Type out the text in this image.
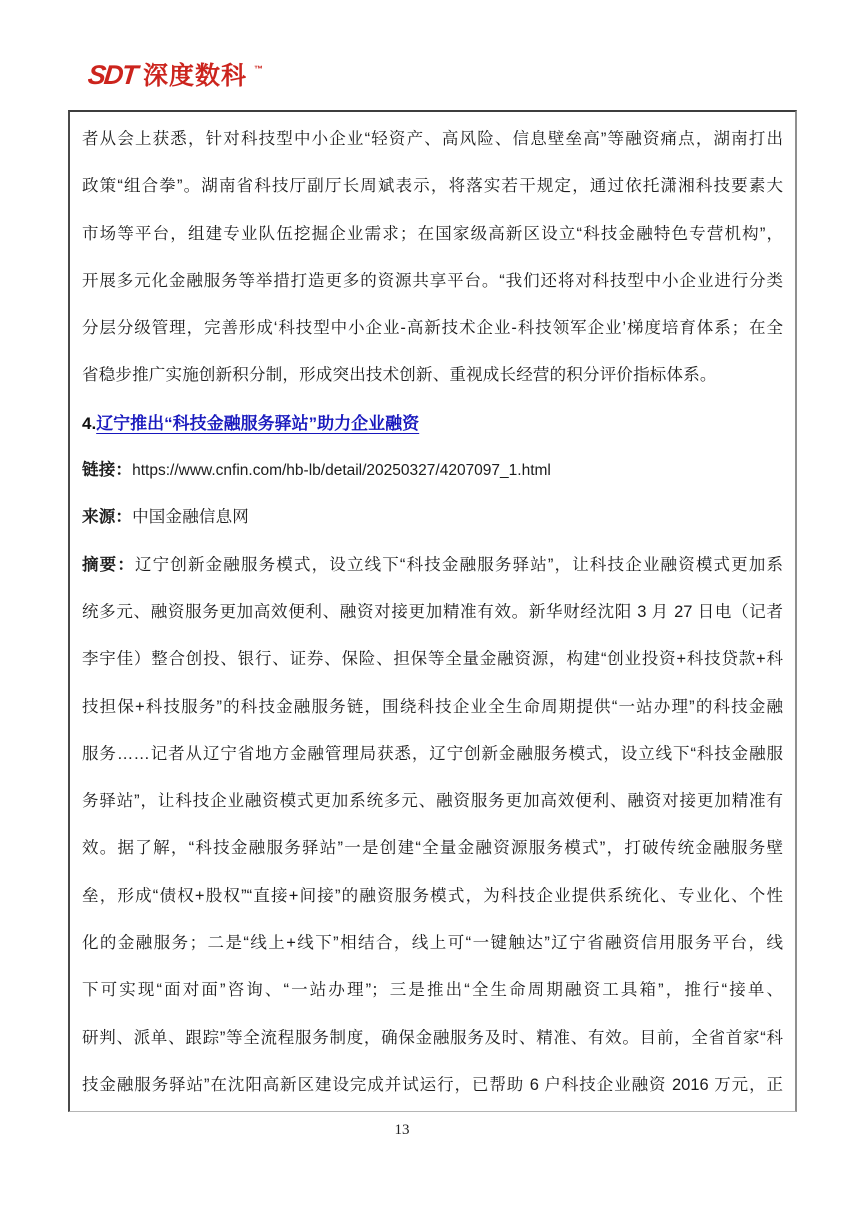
SDT 深度数科 ™
者从会上获悉，针对科技型中小企业“轻资产、高风险、信息壁垒高”等融资痛点，湖南打出
政策“组合拳”。湖南省科技厅副厅长周斌表示，将落实若干规定，通过依托潇湘科技要素大
市场等平台，组建专业队伍挖掘企业需求；在国家级高新区设立“科技金融特色专营机构”，
开展多元化金融服务等举措打造更多的资源共享平台。“我们还将对科技型中小企业进行分类
分层分级管理，完善形成‘科技型中小企业-高新技术企业-科技领军企业’梯度培育体系；在全
省稳步推广实施创新积分制，形成突出技术创新、重视成长经营的积分评价指标体系。
4.辽宁推出“科技金融服务驿站”助力企业融资
链接：https://www.cnfin.com/hb-lb/detail/20250327/4207097_1.html
来源：中国金融信息网
摘要：辽宁创新金融服务模式，设立线下“科技金融服务驿站”，让科技企业融资模式更加系
统多元、融资服务更加高效便利、融资对接更加精准有效。新华财经沈阳 3 月 27 日电（记者
李宇佳）整合创投、银行、证券、保险、担保等全量金融资源，构建“创业投资+科技贷款+科
技担保+科技服务”的科技金融服务链，围绕科技企业全生命周期提供“一站办理”的科技金融
服务……记者从辽宁省地方金融管理局获悉，辽宁创新金融服务模式，设立线下“科技金融服
务驿站”，让科技企业融资模式更加系统多元、融资服务更加高效便利、融资对接更加精准有
效。据了解，“科技金融服务驿站”一是创建“全量金融资源服务模式”，打破传统金融服务壁
垒，形成“债权+股权”“直接+间接”的融资服务模式，为科技企业提供系统化、专业化、个性
化的金融服务；二是“线上+线下”相结合，线上可“一键触达”辽宁省融资信用服务平台，线
下可实现“面对面”咨询、“一站办理”；三是推出“全生命周期融资工具箱”，推行“接单、
研判、派单、跟踪”等全流程服务制度，确保金融服务及时、精准、有效。目前，全省首家“科
技金融服务驿站”在沈阳高新区建设完成并试运行，已帮助 6 户科技企业融资 2016 万元，正
13
